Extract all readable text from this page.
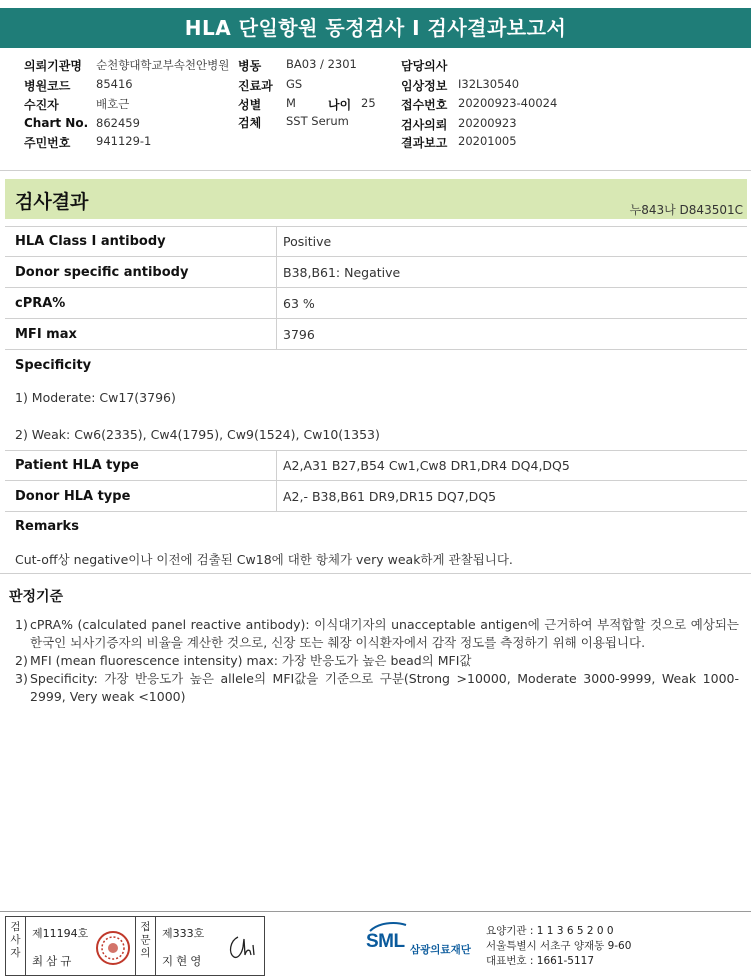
HLA 단일항원 동정검사 I 검사결과보고서
의뢰기관명 순천향대학교부속천안병원 병동 BA03 / 2301	담당의사
병원코드 85416	진료과 GS	임상정보 I32L30540
수진자	배호근	성별 M	나이 25 접수번호 20200923-40024
Chart No. 862459	검체 SST Serum	검사의뢰 20200923
주민번호 941129-1	결과보고 20201005
검사결과	누843나 D843501C
HLA Class I antibody	Positive
Donor specific antibody	B38,B61: Negative
cPRA%	63 %
MFI max	3796
Specificity
1) Moderate: Cw17(3796)
2) Weak: Cw6(2335), Cw4(1795), Cw9(1524), Cw10(1353)
Patient HLA type	A2,A31 B27,B54 Cw1,Cw8 DR1,DR4 DQ4,DQ5
Donor HLA type	A2,- B38,B61 DR9,DR15 DQ7,DQ5
Remarks
Cut-off상 negative이나 이전에 검출된 Cw18에 대한 항체가 very weak하게 관찰됩니다.
판정기준
1) cPRA% (calculated panel reactive antibody): 이식대기자의 unacceptable antigen에 근거하여 부적합할 것으로 예상되는 한국인 뇌사기증자의 비율을 계산한 것으로, 신장 또는 췌장 이식환자에서 감작 정도를 측정하기 위해 이용됩니다.
2) MFI (mean fluorescence intensity) max: 가장 반응도가 높은 bead의 MFI값
3) Specificity: 가장 반응도가 높은 allele의 MFI값을 기준으로 구분(Strong >10000, Moderate 3000-9999, Weak 1000-2999, Very weak <1000)
검사자
제11194호
최삼규
접문의
제333호
지현영
SML 삼광의료재단
요양기관 : 1 1 3 6 5 2 0 0
서울특별시 서초구 양재동 9-60
대표번호 : 1661-5117
